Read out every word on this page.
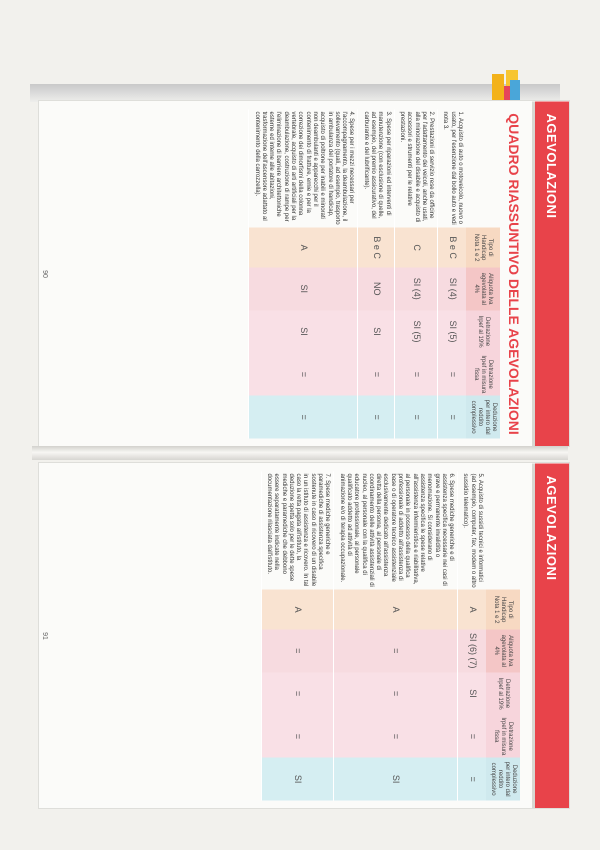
AGEVOLAZIONI
QUADRO RIASSUNTIVO DELLE AGEVOLAZIONI
	Tipo di Handicap Nota 1 e 2	Aliquota Iva agevolata al 4%	Detrazione Irpef al 19%	Detrazione Irpef in misura fissa	Deduzione per intero dal reddito complessivo
1. Acquisto di auto o motoveicolo, nuovo o usato, per l'esenzione dal bollo auto e vedi nota 3.	B e C	SI (4)	SI (5)	=	=
2. Prestazioni di servizio rese da officine per l'adattamento dei veicoli, anche usati, alla minorazione del disabile e acquisto di accessori e strumenti per le relative prestazioni.	C	SI (4)	SI (5)	=	=
3. Spese per riparazioni ed interventi di manutenzione (con esclusione di quelle, ad esempio, del premio assicurativo, del carburante e del lubrificante).	B e C	NO	SI	=	=
4. Spese per i mezzi necessari per l'accompagnamento, la deambulazione, il sollevamento (quali, ad esempio, trasporto in ambulanza del portatore di handicap, acquisto di poltrone per inabili e minorati non deambulanti e apparecchi per il contenimento di fratture, ernie e per la correzione dei dimorfismi della colonna vertebrale, acquisto di arti artificiali per la deambulazione, costruzione di rampe per l'eliminazione di barriere architettoniche esterne ed interne alle abitazioni, trasformazione dell'ascensore adattato al contenimento della carrozzella).	A	SI	SI	=	=
90
AGEVOLAZIONI
	Tipo di Handicap Nota 1 e 2	Aliquota Iva agevolata al 4%	Detrazione Irpef al 19%	Detrazione Irpef in misura fissa	Deduzione per intero dal reddito complessivo
5. Acquisto di sussidi tecnici e informatici (ad esempio, computer, fax, modem o altro sussidio telematico).	A	SI (6) (7)	SI	=	=
6. Spese mediche generiche e di assistenza specifica necessarie nei casi di grave e permanente invalidità o menomazione. Si considerano di assistenza specifica le spese relative all'assistenza infermieristica e riabilitativa, al personale in possesso della qualifica professionale di addetto all'assistenza di base o di operatore tecnico assistenziale esclusivamente dedicato all'assistenza diretta della persona, al personale di coordinamento delle attività assistenziali di nucleo, al personale con la qualifica di educatore professionale, al personale qualificato addetto ad attività di animazione e/o di terapia occupazionale.	A	=	=	=	SI
7. Spese mediche generiche e paramediche di assistenza specifica sostenute in caso di ricovero di un disabile in un istituto di assistenza e ricovero. In tal caso la retta pagata all'istituto, la deduzione spetta solo per le dette spese mediche e paramediche che debbono essere separatamente indicate nella documentazione rilasciata dall'istituto.	A	=	=	=	SI
91
